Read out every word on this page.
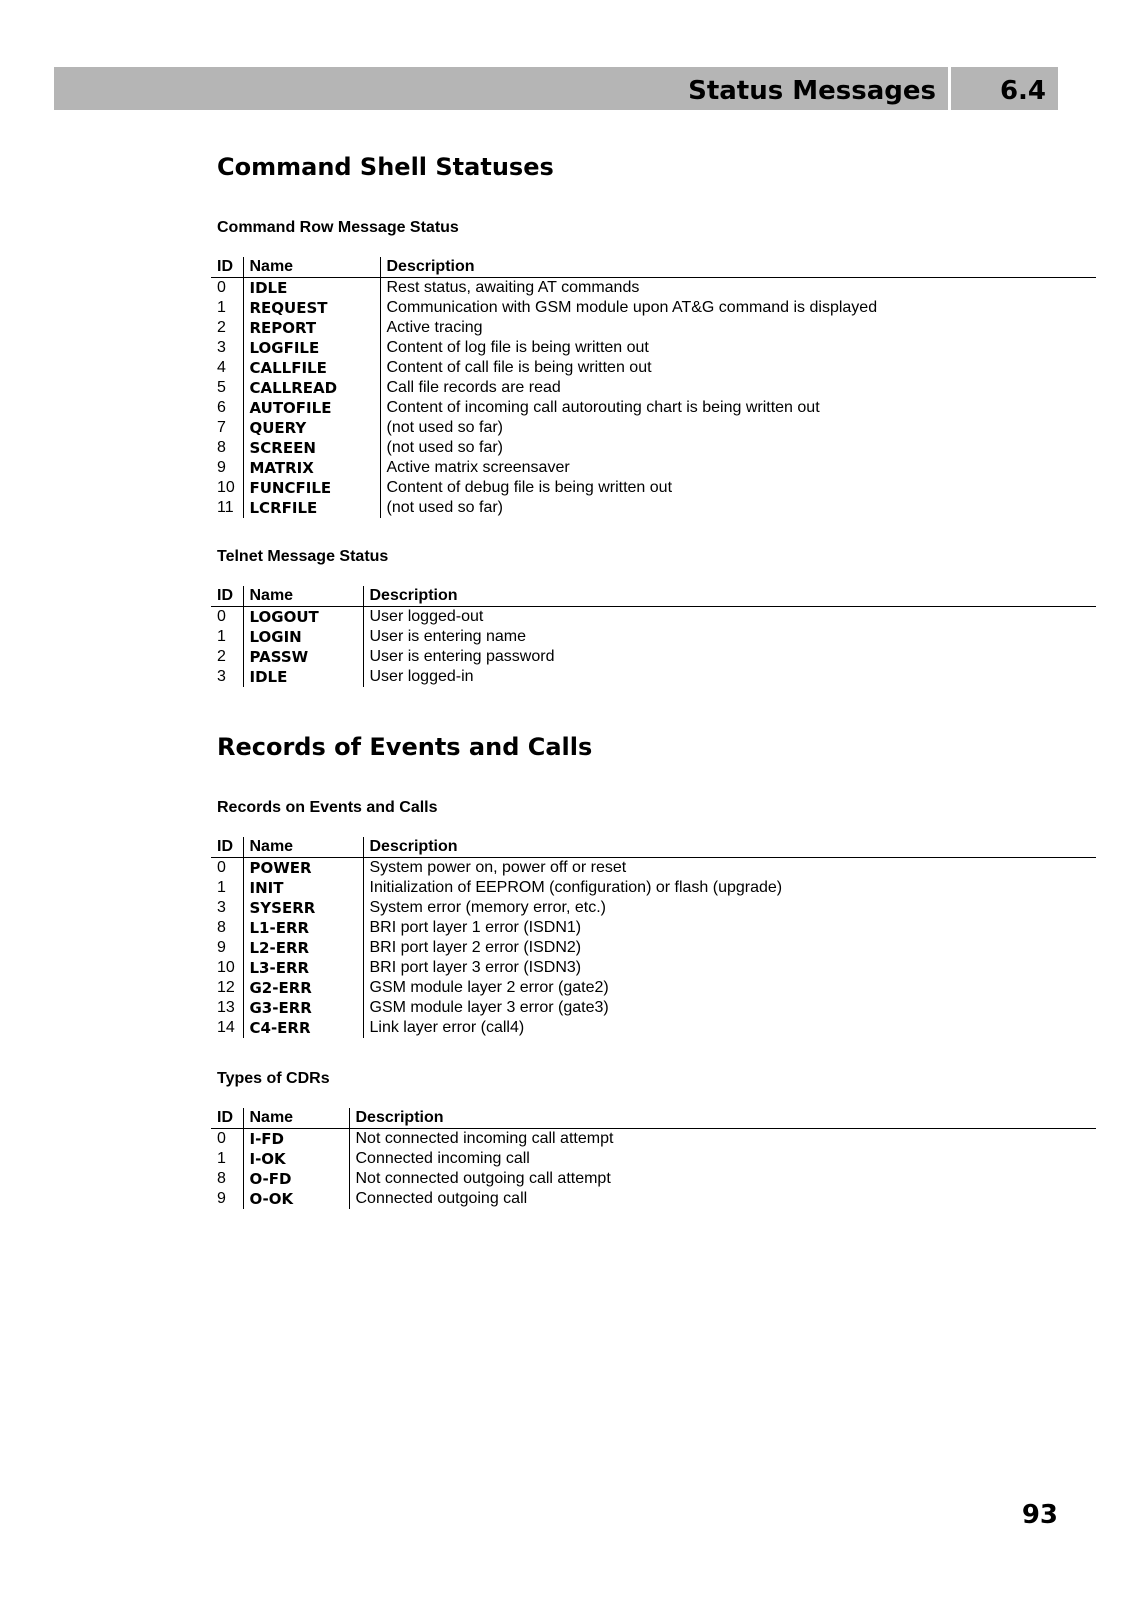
Status Messages 6.4
Command Shell Statuses
Command Row Message Status
ID	Name	Description
0	IDLE	Rest status, awaiting AT commands
1	REQUEST	Communication with GSM module upon AT&G command is displayed
2	REPORT	Active tracing
3	LOGFILE	Content of log file is being written out
4	CALLFILE	Content of call file is being written out
5	CALLREAD	Call file records are read
6	AUTOFILE	Content of incoming call autorouting chart is being written out
7	QUERY	(not used so far)
8	SCREEN	(not used so far)
9	MATRIX	Active matrix screensaver
10	FUNCFILE	Content of debug file is being written out
11	LCRFILE	(not used so far)
Telnet Message Status
ID	Name	Description
0	LOGOUT	User logged-out
1	LOGIN	User is entering name
2	PASSW	User is entering password
3	IDLE	User logged-in
Records of Events and Calls
Records on Events and Calls
ID	Name	Description
0	POWER	System power on, power off or reset
1	INIT	Initialization of EEPROM (configuration) or flash (upgrade)
3	SYSERR	System error (memory error, etc.)
8	L1-ERR	BRI port layer 1 error (ISDN1)
9	L2-ERR	BRI port layer 2 error (ISDN2)
10	L3-ERR	BRI port layer 3 error (ISDN3)
12	G2-ERR	GSM module layer 2 error (gate2)
13	G3-ERR	GSM module layer 3 error (gate3)
14	C4-ERR	Link layer error (call4)
Types of CDRs
ID	Name	Description
0	I-FD	Not connected incoming call attempt
1	I-OK	Connected incoming call
8	O-FD	Not connected outgoing call attempt
9	O-OK	Connected outgoing call
93
